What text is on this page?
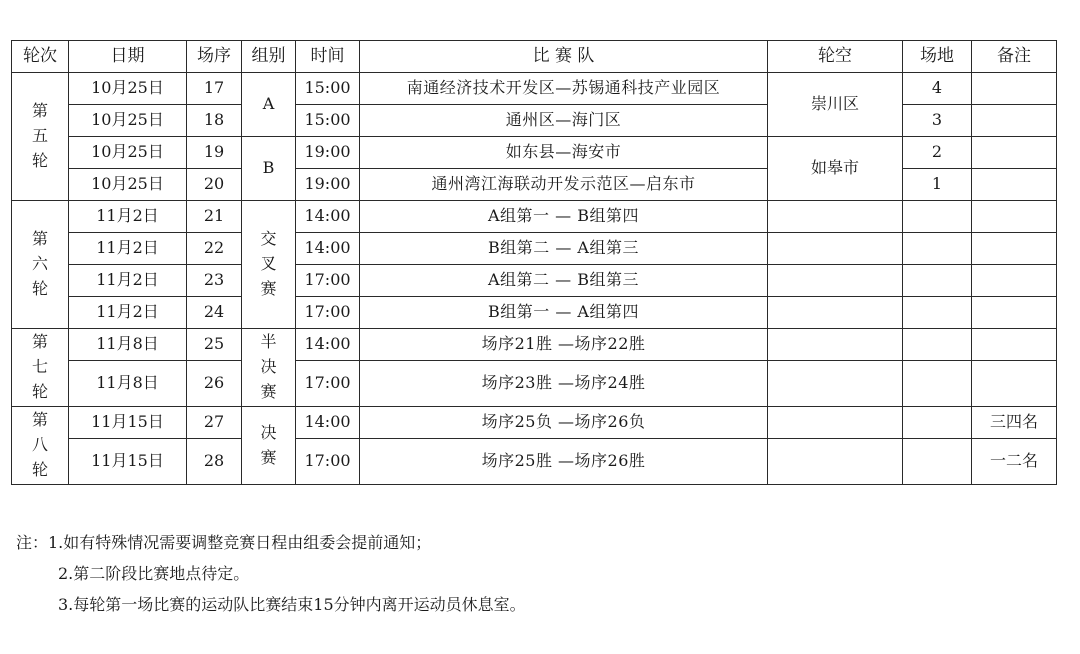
轮次	日期	场序	组别	时间	比 赛 队	轮空	场地	备注
第五轮	10月25日	17	A	15:00	南通经济技术开发区—苏锡通科技产业园区	崇川区	4	
	10月25日	18		15:00	通州区—海门区		3	
	10月25日	19	B	19:00	如东县—海安市	如皋市	2	
	10月25日	20		19:00	通州湾江海联动开发示范区—启东市		1	
第六轮	11月2日	21	交叉赛	14:00	A组第一 — B组第四			
	11月2日	22		14:00	B组第二 — A组第三			
	11月2日	23		17:00	A组第二 — B组第三			
	11月2日	24		17:00	B组第一 — A组第四			
第七轮	11月8日	25	半决赛	14:00	场序21胜 —场序22胜			
	11月8日	26		17:00	场序23胜 —场序24胜			
第八轮	11月15日	27	决赛	14:00	场序25负 —场序26负			三四名
	11月15日	28		17:00	场序25胜 —场序26胜			一二名
注：1.如有特殊情况需要调整竞赛日程由组委会提前通知；
2.第二阶段比赛地点待定。
3.每轮第一场比赛的运动队比赛结束15分钟内离开运动员休息室。
